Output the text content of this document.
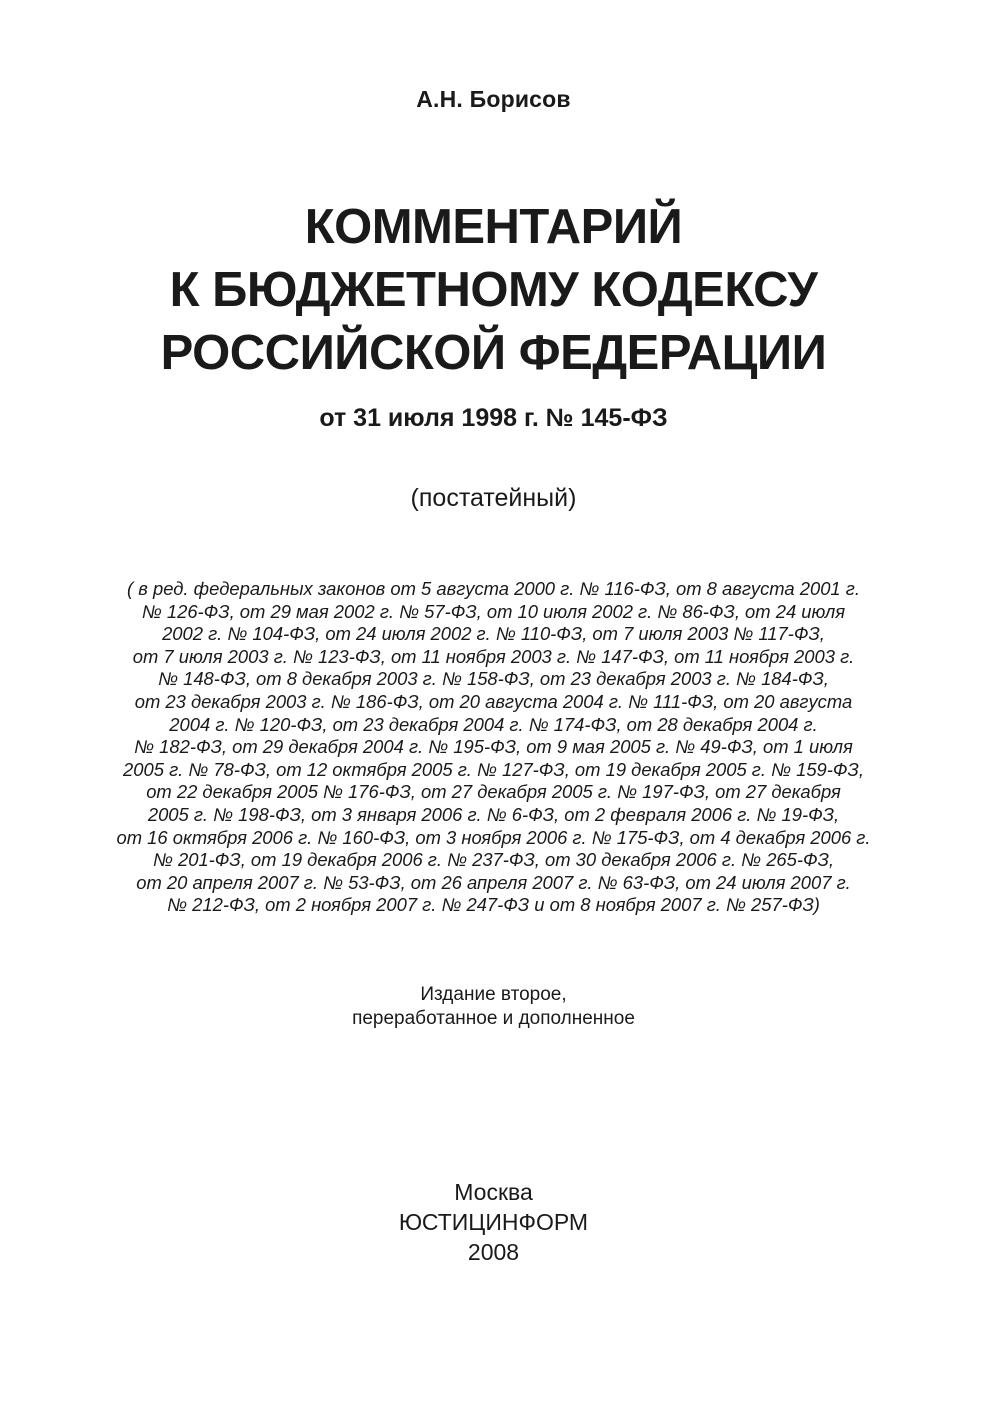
А.Н. Борисов
КОММЕНТАРИЙ
К БЮДЖЕТНОМУ КОДЕКСУ
РОССИЙСКОЙ ФЕДЕРАЦИИ
от 31 июля 1998 г. № 145-ФЗ
(постатейный)
( в ред. федеральных законов от 5 августа 2000 г. № 116-ФЗ, от 8 августа 2001 г.
№ 126-ФЗ, от 29 мая 2002 г. № 57-ФЗ, от 10 июля 2002 г. № 86-ФЗ, от 24 июля
2002 г. № 104-ФЗ, от 24 июля 2002 г. № 110-ФЗ, от 7 июля 2003 № 117-ФЗ,
от 7 июля 2003 г. № 123-ФЗ, от 11 ноября 2003 г. № 147-ФЗ, от 11 ноября 2003 г.
№ 148-ФЗ, от 8 декабря 2003 г. № 158-ФЗ, от 23 декабря 2003 г. № 184-ФЗ,
от 23 декабря 2003 г. № 186-ФЗ, от 20 августа 2004 г. № 111-ФЗ, от 20 августа
2004 г. № 120-ФЗ, от 23 декабря 2004 г. № 174-ФЗ, от 28 декабря 2004 г.
№ 182-ФЗ, от 29 декабря 2004 г. № 195-ФЗ, от 9 мая 2005 г. № 49-ФЗ, от 1 июля
2005 г. № 78-ФЗ, от 12 октября 2005 г. № 127-ФЗ, от 19 декабря 2005 г. № 159-ФЗ,
от 22 декабря 2005 № 176-ФЗ, от 27 декабря 2005 г. № 197-ФЗ, от 27 декабря
2005 г. № 198-ФЗ, от 3 января 2006 г. № 6-ФЗ, от 2 февраля 2006 г. № 19-ФЗ,
от 16 октября 2006 г. № 160-ФЗ, от 3 ноября 2006 г. № 175-ФЗ, от 4 декабря 2006 г.
№ 201-ФЗ, от 19 декабря 2006 г. № 237-ФЗ, от 30 декабря 2006 г. № 265-ФЗ,
от 20 апреля 2007 г. № 53-ФЗ, от 26 апреля 2007 г. № 63-ФЗ, от 24 июля 2007 г.
№ 212-ФЗ, от 2 ноября 2007 г. № 247-ФЗ и от 8 ноября 2007 г. № 257-ФЗ)
Издание второе,
переработанное и дополненное
Москва
ЮСТИЦИНФОРМ
2008
